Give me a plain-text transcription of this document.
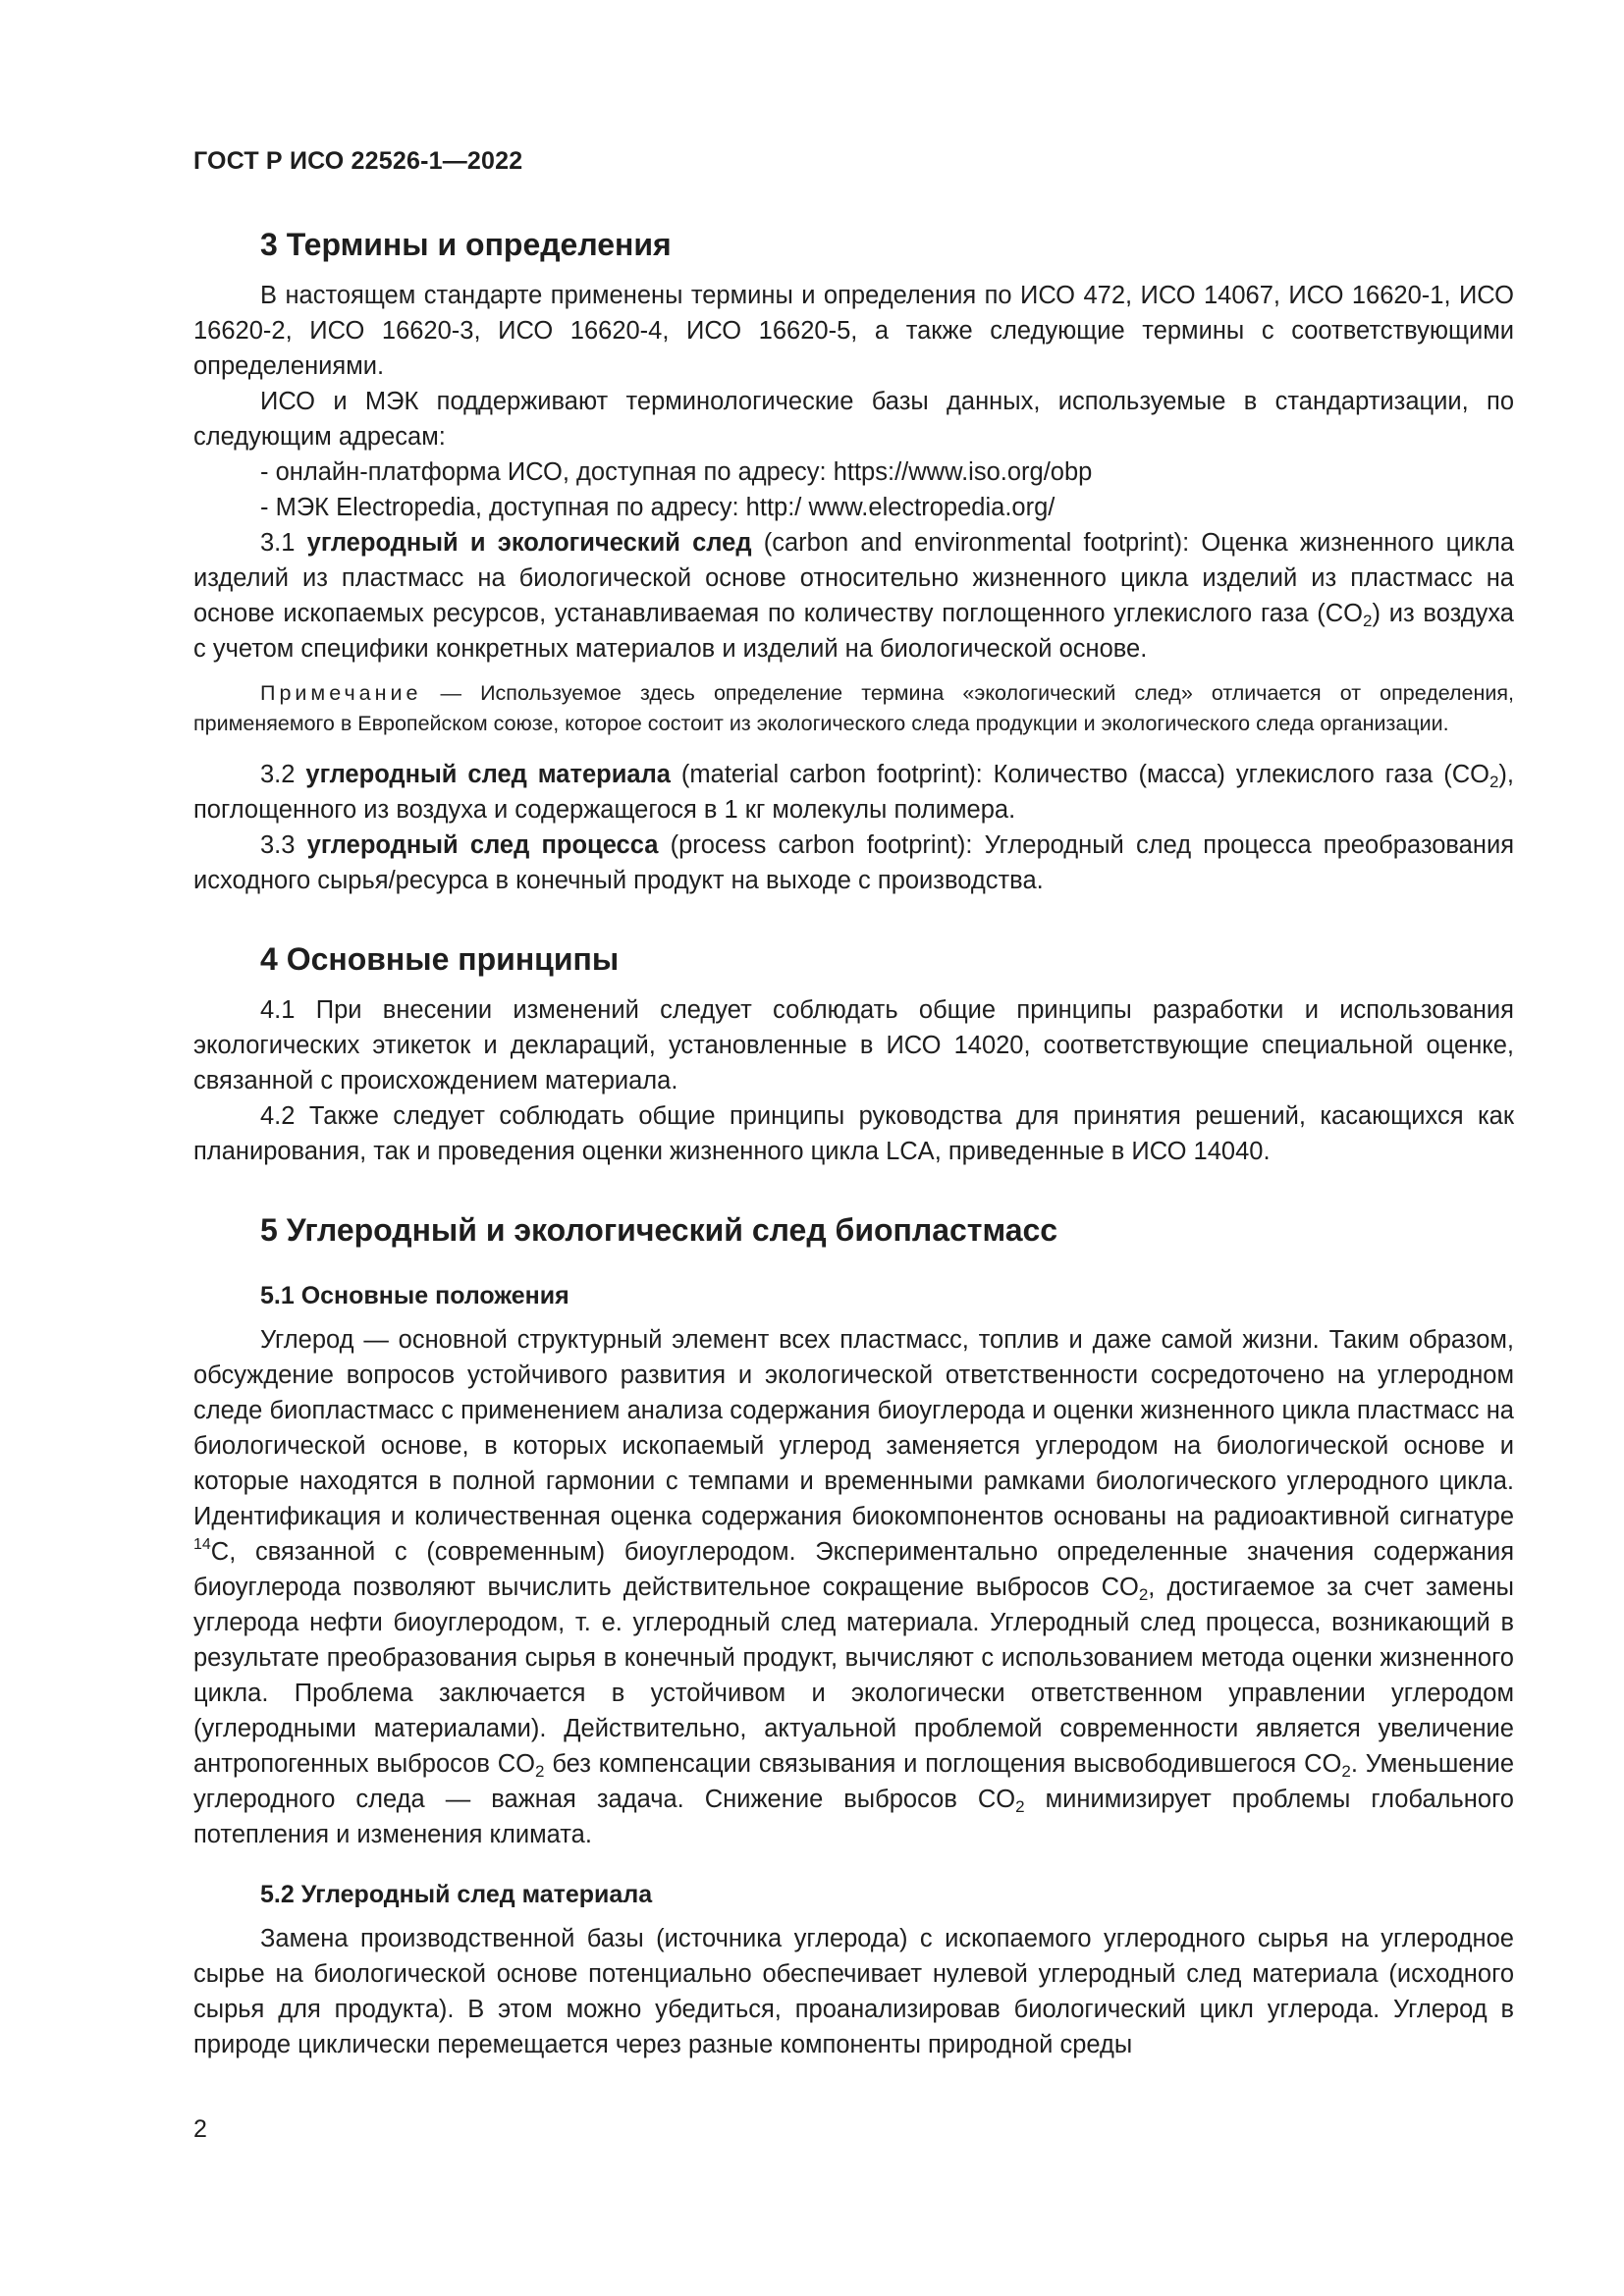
ГОСТ Р ИСО 22526-1—2022
3 Термины и определения

В настоящем стандарте применены термины и определения по ИСО 472, ИСО 14067, ИСО 16620-1, ИСО 16620-2, ИСО 16620-3, ИСО 16620-4, ИСО 16620-5, а также следующие термины с соответствующими определениями.

ИСО и МЭК поддерживают терминологические базы данных, используемые в стандартизации, по следующим адресам:

- онлайн-платформа ИСО, доступная по адресу: https://www.iso.org/obp

- МЭК Electropedia, доступная по адресу: http:/ www.electropedia.org/

3.1 углеродный и экологический след (carbon and environmental footprint): Оценка жизненного цикла изделий из пластмасс на биологической основе относительно жизненного цикла изделий из пластмасс на основе ископаемых ресурсов, устанавливаемая по количеству поглощенного углекислого газа $(CO_2)$ из воздуха с учетом специфики конкретных материалов и изделий на биологической основе.

Примечание — Используемое здесь определение термина «экологический след» отличается от определения, применяемого в Европейском союзе, которое состоит из экологического следа продукции и экологического следа организации.

3.2 углеродный след материала (material carbon footprint): Количество (масса) углекислого газа $(CO_2)$, поглощенного из воздуха и содержащегося в 1 кг молекулы полимера.

3.3 углеродный след процесса (process carbon footprint): Углеродный след процесса преобразования исходного сырья/ресурса в конечный продукт на выходе с производства.

4 Основные принципы

4.1 При внесении изменений следует соблюдать общие принципы разработки и использования экологических этикеток и деклараций, установленные в ИСО 14020, соответствующие специальной оценке, связанной с происхождением материала.

4.2 Также следует соблюдать общие принципы руководства для принятия решений, касающихся как планирования, так и проведения оценки жизненного цикла LCA, приведенные в ИСО 14040.

5 Углеродный и экологический след биопластмасс
5.1 Основные положения

Углерод — основной структурный элемент всех пластмасс, топлив и даже самой жизни. Таким образом, обсуждение вопросов устойчивого развития и экологической ответственности сосредоточено на углеродном следе биопластмасс с применением анализа содержания биоуглерода и оценки жизненного цикла пластмасс на биологической основе, в которых ископаемый углерод заменяется углеродом на биологической основе и которые находятся в полной гармонии с темпами и временными рамками биологического углеродного цикла. Идентификация и количественная оценка содержания биокомпонентов основаны на радиоактивной сигнатуре $^{14}$C, связанной с (современным) биоуглеродом. Экспериментально определенные значения содержания биоуглерода позволяют вычислить действительное сокращение выбросов $CO_2$, достигаемое за счет замены углерода нефти биоуглеродом, т. е. углеродный след материала. Углеродный след процесса, возникающий в результате преобразования сырья в конечный продукт, вычисляют с использованием метода оценки жизненного цикла. Проблема заключается в устойчивом и экологически ответственном управлении углеродом (углеродными материалами). Действительно, актуальной проблемой современности является увеличение антропогенных выбросов $CO_2$ без компенсации связывания и поглощения высвободившегося $CO_2$. Уменьшение углеродного следа — важная задача. Снижение выбросов $CO_2$ минимизирует проблемы глобального потепления и изменения климата.

5.2 Углеродный след материала

Замена производственной базы (источника углерода) с ископаемого углеродного сырья на углеродное сырье на биологической основе потенциально обеспечивает нулевой углеродный след материала (исходного сырья для продукта). В этом можно убедиться, проанализировав биологический цикл углерода. Углерод в природе циклически перемещается через разные компоненты природной среды

2
